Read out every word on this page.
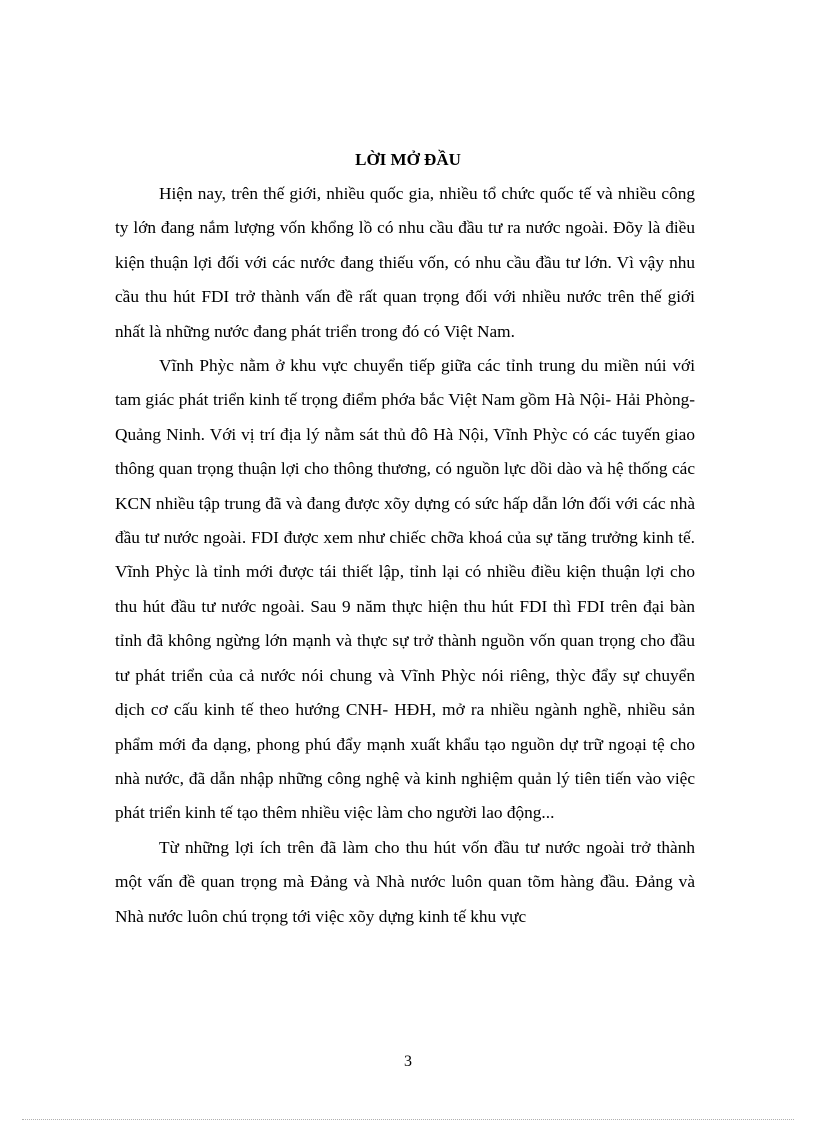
LỜI MỞ ĐẦU

Hiện nay, trên thế giới, nhiều quốc gia, nhiều tổ chức quốc tế và nhiều công ty lớn đang nắm lượng vốn khổng lồ có nhu cầu đầu tư ra nước ngoài. Đõy là điều kiện thuận lợi đối với các nước đang thiếu vốn, có nhu cầu đầu tư lớn. Vì vậy nhu cầu thu hút FDI trở thành vấn đề rất quan trọng đối với nhiều nước trên thế giới nhất là những nước đang phát triển trong đó có Việt Nam.

Vĩnh Phỳc nằm ở khu vực chuyển tiếp giữa các tỉnh trung du miền núi với tam giác phát triển kinh tế trọng điểm phớa bắc Việt Nam gồm Hà Nội- Hải Phòng- Quảng Ninh. Với vị trí địa lý nằm sát thủ đô Hà Nội, Vĩnh Phỳc có các tuyến giao thông quan trọng thuận lợi cho thông thương, có nguồn lực dồi dào và hệ thống các KCN nhiều tập trung đã và đang được xõy dựng có sức hấp dẫn lớn đối với các nhà đầu tư nước ngoài. FDI được xem như chiếc chỡa khoá của sự tăng trưởng kinh tế. Vĩnh Phỳc là tỉnh mới được tái thiết lập, tỉnh lại có nhiều điều kiện thuận lợi cho thu hút đầu tư nước ngoài. Sau 9 năm thực hiện thu hút FDI thì FDI trên đại bàn tỉnh đã không ngừng lớn mạnh và thực sự trở thành nguồn vốn quan trọng cho đầu tư phát triển của cả nước nói chung và Vĩnh Phỳc nói riêng, thỳc đẩy sự chuyển dịch cơ cấu kinh tế theo hướng CNH- HĐH, mở ra nhiều ngành nghề, nhiều sản phẩm mới đa dạng, phong phú đẩy mạnh xuất khẩu tạo nguồn dự trữ ngoại tệ cho nhà nước, đã dẫn nhập những công nghệ và kinh nghiệm quản lý tiên tiến vào việc phát triển kinh tế tạo thêm nhiều việc làm cho người lao động...

Từ những lợi ích trên đã làm cho thu hút vốn đầu tư nước ngoài trở thành một vấn đề quan trọng mà Đảng và Nhà nước luôn quan tõm hàng đầu. Đảng và Nhà nước luôn chú trọng tới việc xõy dựng kinh tế khu vực

3
